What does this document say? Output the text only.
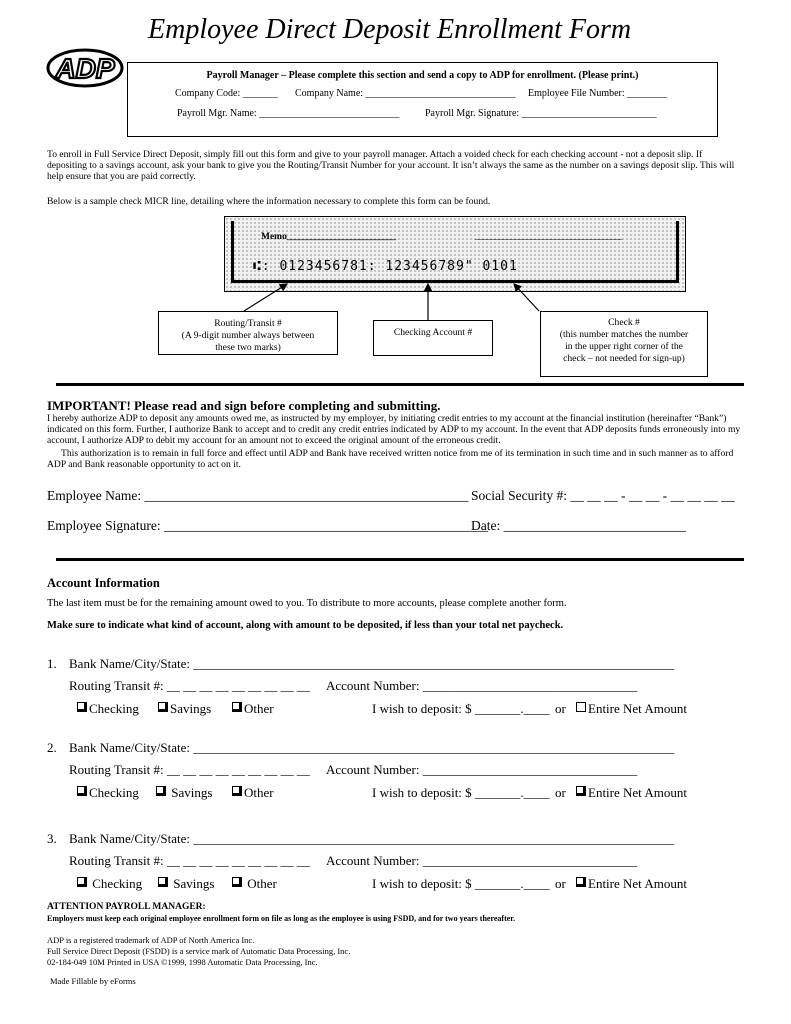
Employee Direct Deposit Enrollment Form
ADP	Payroll Manager – Please complete this section and send a copy to ADP for enrollment. (Please print.)
Company Code: _______ Company Name: ______________________________ Employee File Number: ________
Payroll Mgr. Name: ____________________________	Payroll Mgr. Signature: ___________________________
To enroll in Full Service Direct Deposit, simply fill out this form and give to your payroll manager. Attach a voided check for each checking account - not a deposit slip. If depositing to a savings account, ask your bank to give you the Routing/Transit Number for your account. It isn’t always the same as the number on a savings deposit slip. This will help ensure that you are paid correctly.
Below is a sample check MICR line, detailing where the information necessary to complete this form can be found.
Memo_______________________	_______________________________
⑆: 0123456781: 123456789" 0101
Routing/Transit #
(A 9-digit number always between
these two marks)
Checking Account #
Check #
(this number matches the number
in the upper right corner of the
check – not needed for sign-up)
IMPORTANT! Please read and sign before completing and submitting.
I hereby authorize ADP to deposit any amounts owed me, as instructed by my employer, by initiating credit entries to my account at the financial institution (hereinafter “Bank”) indicated on this form. Further, I authorize Bank to accept and to credit any credit entries indicated by ADP to my account. In the event that ADP deposits funds erroneously into my account, I authorize ADP to debit my account for an amount not to exceed the original amount of the erroneous credit.
This authorization is to remain in full force and effect until ADP and Bank have received written notice from me of its termination in such time and in such manner as to afford ADP and Bank reasonable opportunity to act on it.
Employee Name: ________________________________________________ Social Security #: __ __ __ - __ __ - __ __ __ __
Employee Signature: ________________________________________________
Date: ___________________________
Account Information
The last item must be for the remaining amount owed to you. To distribute to more accounts, please complete another form.
Make sure to indicate what kind of account, along with amount to be deposited, if less than your total net paycheck.
1. Bank Name/City/State: __________________________________________________________________________
Routing Transit #: __ __ __ __ __ __ __ __ __ Account Number: _________________________________
Checking	Savings	Other	I wish to deposit: $ _______.____ or	Entire Net Amount
2. Bank Name/City/State: __________________________________________________________________________
Routing Transit #: __ __ __ __ __ __ __ __ __ Account Number: _________________________________
Checking	Savings	Other	I wish to deposit: $ _______.____ or	Entire Net Amount
3. Bank Name/City/State: __________________________________________________________________________
Routing Transit #: __ __ __ __ __ __ __ __ __ Account Number: _________________________________
Checking	Savings	Other	I wish to deposit: $ _______.____ or	Entire Net Amount
ATTENTION PAYROLL MANAGER:
Employers must keep each original employee enrollment form on file as long as the employee is using FSDD, and for two years thereafter.
ADP is a registered trademark of ADP of North America Inc.
Full Service Direct Deposit (FSDD) is a service mark of Automatic Data Processing, Inc.
02-184-049 10M Printed in USA ©1999, 1998 Automatic Data Processing, Inc.
Made Fillable by eForms
